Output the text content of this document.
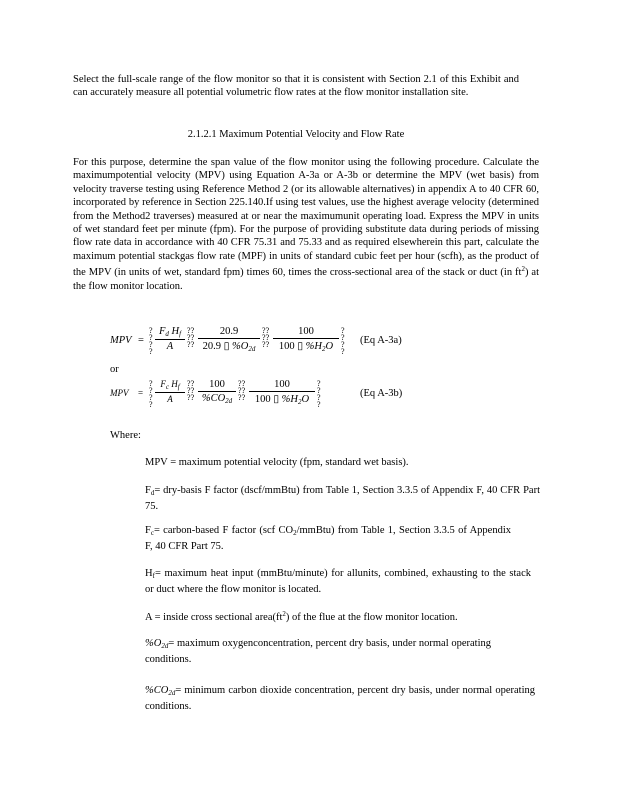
Select the full-scale range of the flow monitor so that it is consistent with Section 2.1 of this Exhibit and can accurately measure all potential volumetric flow rates at the flow monitor installation site.
2.1.2.1 Maximum Potential Velocity and Flow Rate
For this purpose, determine the span value of the flow monitor using the following procedure. Calculate the maximumpotential velocity (MPV) using Equation A-3a or A-3b or determine the MPV (wet basis) from velocity traverse testing using Reference Method 2 (or its allowable alternatives) in appendix A to 40 CFR 60, incorporated by reference in Section 225.140.If using test values, use the highest average velocity (determined from the Method2 traverses) measured at or near the maximumunit operating load. Express the MPV in units of wet standard feet per minute (fpm). For the purpose of providing substitute data during periods of missing flow rate data in accordance with 40 CFR 75.31 and 75.33 and as required elsewherein this part, calculate the maximum potential stackgas flow rate (MPF) in units of standard cubic feet per hour (scfh), as the product of the MPV (in units of wet, standard fpm) times 60, times the cross-sectional area of the stack or duct (in $ft^2$) at the flow monitor location.
MPV =
?
?
?
? $\frac{F_d H_f}{A}$ ??
??
?? $\frac{20.9}{20.9 ▯ \%O_{2d}}$ ??
??
?? $\frac{100}{100 ▯ \%H_2O}$ ?
?
?
?
(Eq A-3a)
or
MPV =
?
?
?
?
$\frac{F_c H_f}{A}$ ??
??
?? $\frac{100}{\%CO_{2d}}$ ??
??
?? $\frac{100}{100 ▯ \%H_2O}$ ?
?
?
?
(Eq A-3b)
Where:
MPV = maximum potential velocity (fpm, standard wet basis).
$F_d=$ dry-basis F factor (dscf/mmBtu) from Table 1, Section 3.3.5 of Appendix F, 40 CFR Part 75.
$F_c=$ carbon-based F factor (scf $CO_2/mmBtu$) from Table 1, Section 3.3.5 of Appendix F, 40 CFR Part 75.
$H_f=$ maximum heat input (mmBtu/minute) for allunits, combined, exhausting to the stack or duct where the flow monitor is located.
A = inside cross sectional $area(ft^2)$ of the flue at the flow monitor location.
$\%O_{2d}=$ maximum oxygenconcentration, percent dry basis, under normal operating conditions.
$\%CO_{2d}=$ minimum carbon dioxide concentration, percent dry basis, under normal operating conditions.
